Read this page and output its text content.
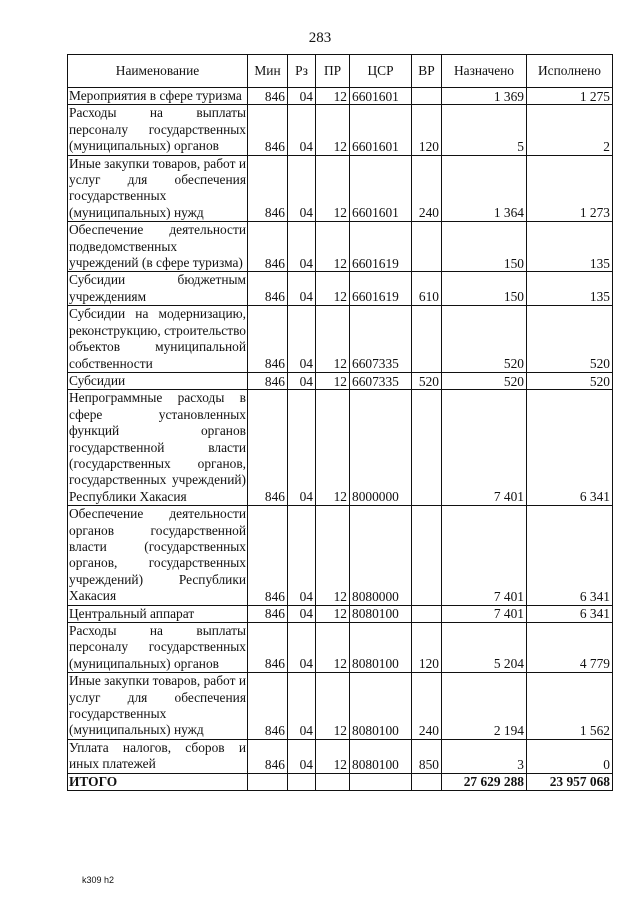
283
Наименование	Мин	Рз	ПР	ЦСР	ВР	Назначено	Исполнено
Мероприятия в сфере туризма	846	04	12	6601601		1 369	1 275
Расходы на выплаты персоналу государственных (муниципальных) органов	846	04	12	6601601	120	5	2
Иные закупки товаров, работ и услуг для обеспечения государственных (муниципальных) нужд	846	04	12	6601601	240	1 364	1 273
Обеспечение деятельности подведомственных учреждений (в сфере туризма)	846	04	12	6601619		150	135
Субсидии бюджетным учреждениям	846	04	12	6601619	610	150	135
Субсидии на модернизацию, реконструкцию, строительство объектов муниципальной собственности	846	04	12	6607335		520	520
Субсидии	846	04	12	6607335	520	520	520
Непрограммные расходы в сфере установленных функций органов государственной власти (государственных органов, государственных учреждений) Республики Хакасия	846	04	12	8000000		7 401	6 341
Обеспечение деятельности органов государственной власти (государственных органов, государственных учреждений) Республики Хакасия	846	04	12	8080000		7 401	6 341
Центральный аппарат	846	04	12	8080100		7 401	6 341
Расходы на выплаты персоналу государственных (муниципальных) органов	846	04	12	8080100	120	5 204	4 779
Иные закупки товаров, работ и услуг для обеспечения государственных (муниципальных) нужд	846	04	12	8080100	240	2 194	1 562
Уплата налогов, сборов и иных платежей	846	04	12	8080100	850	3	0
ИТОГО						27 629 288	23 957 068
k309 h2
